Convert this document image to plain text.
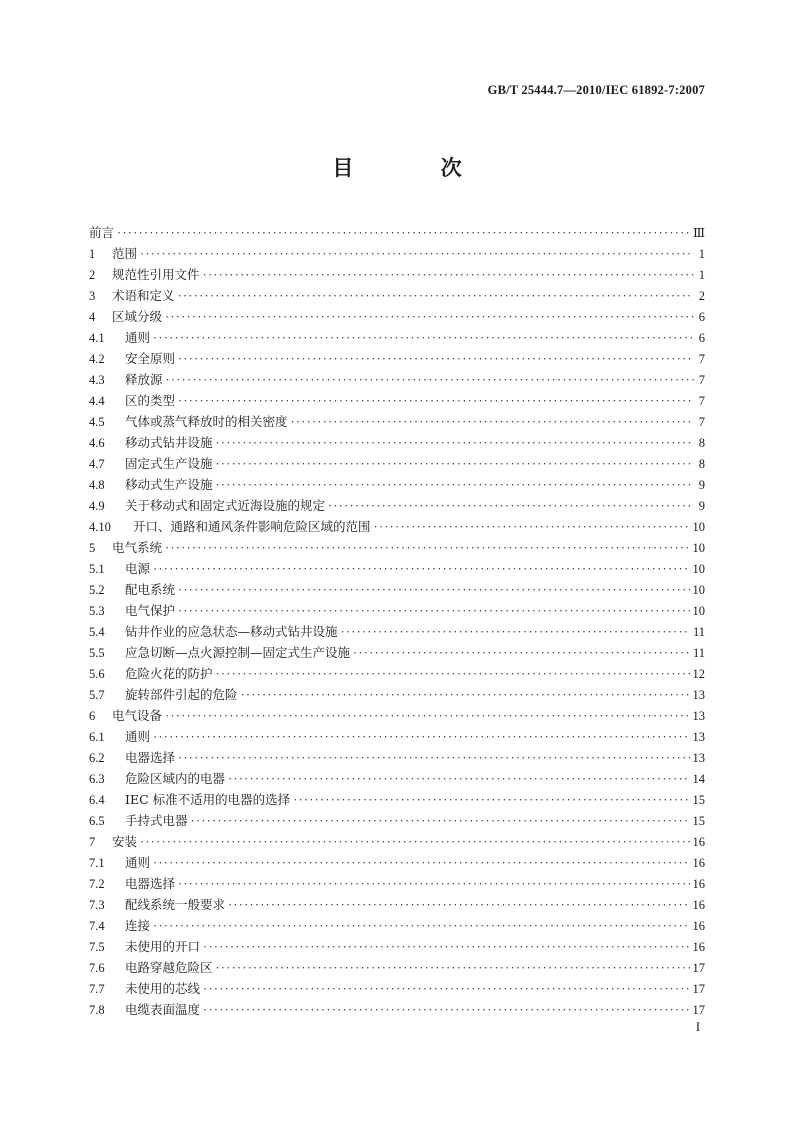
GB/T 25444.7—2010/IEC 61892-7:2007
目 次
前言 ·····	Ⅲ
1	范围 ·····	1
2	规范性引用文件 ·····	1
3	术语和定义 ·····	2
4	区域分级 ·····	6
4.1	通则 ·····	6
4.2	安全原则 ·····	7
4.3	释放源 ·····	7
4.4	区的类型 ·····	7
4.5	气体或蒸气释放时的相关密度 ·····	7
4.6	移动式钻井设施 ·····	8
4.7	固定式生产设施 ·····	8
4.8	移动式生产设施 ·····	9
4.9	关于移动式和固定式近海设施的规定 ·····	9
4.10	开口、通路和通风条件影响危险区域的范围 ·····	10
5	电气系统 ·····	10
5.1	电源 ·····	10
5.2	配电系统 ·····	10
5.3	电气保护 ·····	10
5.4	钻井作业的应急状态—移动式钻井设施 ·····	11
5.5	应急切断—点火源控制—固定式生产设施 ·····	11
5.6	危险火花的防护 ·····	12
5.7	旋转部件引起的危险 ·····	13
6	电气设备 ·····	13
6.1	通则 ·····	13
6.2	电器选择 ·····	13
6.3	危险区域内的电器 ·····	14
6.4	IEC 标准不适用的电器的选择 ·····	15
6.5	手持式电器 ·····	15
7	安装 ·····	16
7.1	通则 ·····	16
7.2	电器选择 ·····	16
7.3	配线系统一般要求 ·····	16
7.4	连接 ·····	16
7.5	未使用的开口 ·····	16
7.6	电路穿越危险区 ·····	17
7.7	未使用的芯线 ·····	17
7.8	电缆表面温度 ·····	17
I
